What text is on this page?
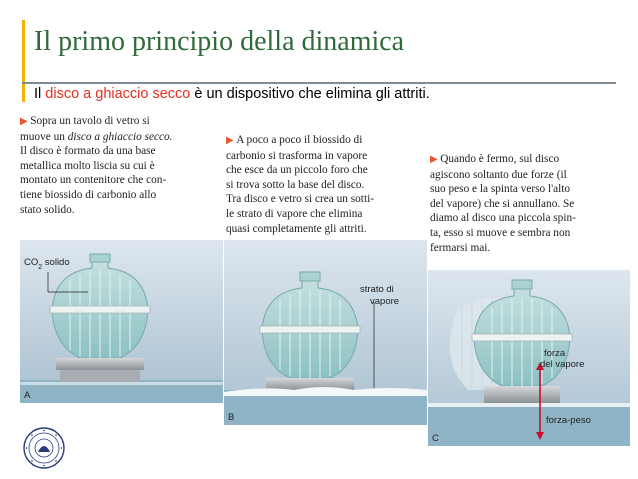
Il primo principio della dinamica
Il disco a ghiaccio secco è un dispositivo che elimina gli attriti.
▶ Sopra un tavolo di vetro si
muove un disco a ghiaccio secco.
Il disco è formato da una base
metallica molto liscia su cui è
montato un contenitore che con-
tiene biossido di carbonio allo
stato solido.
▶ A poco a poco il biossido di
carbonio si trasforma in vapore
che esce da un piccolo foro che
si trova sotto la base del disco.
Tra disco e vetro si crea un sotti-
le strato di vapore che elimina
quasi completamente gli attriti.
▶ Quando è fermo, sul disco
agiscono soltanto due forze (il
suo peso e la spinta verso l'alto
del vapore) che si annullano. Se
diamo al disco una piccola spin-
ta, esso si muove e sembra non
fermarsi mai.
$CO_2$ solido
A
strato di
vapore
B
forza
del vapore
forza-peso
C
